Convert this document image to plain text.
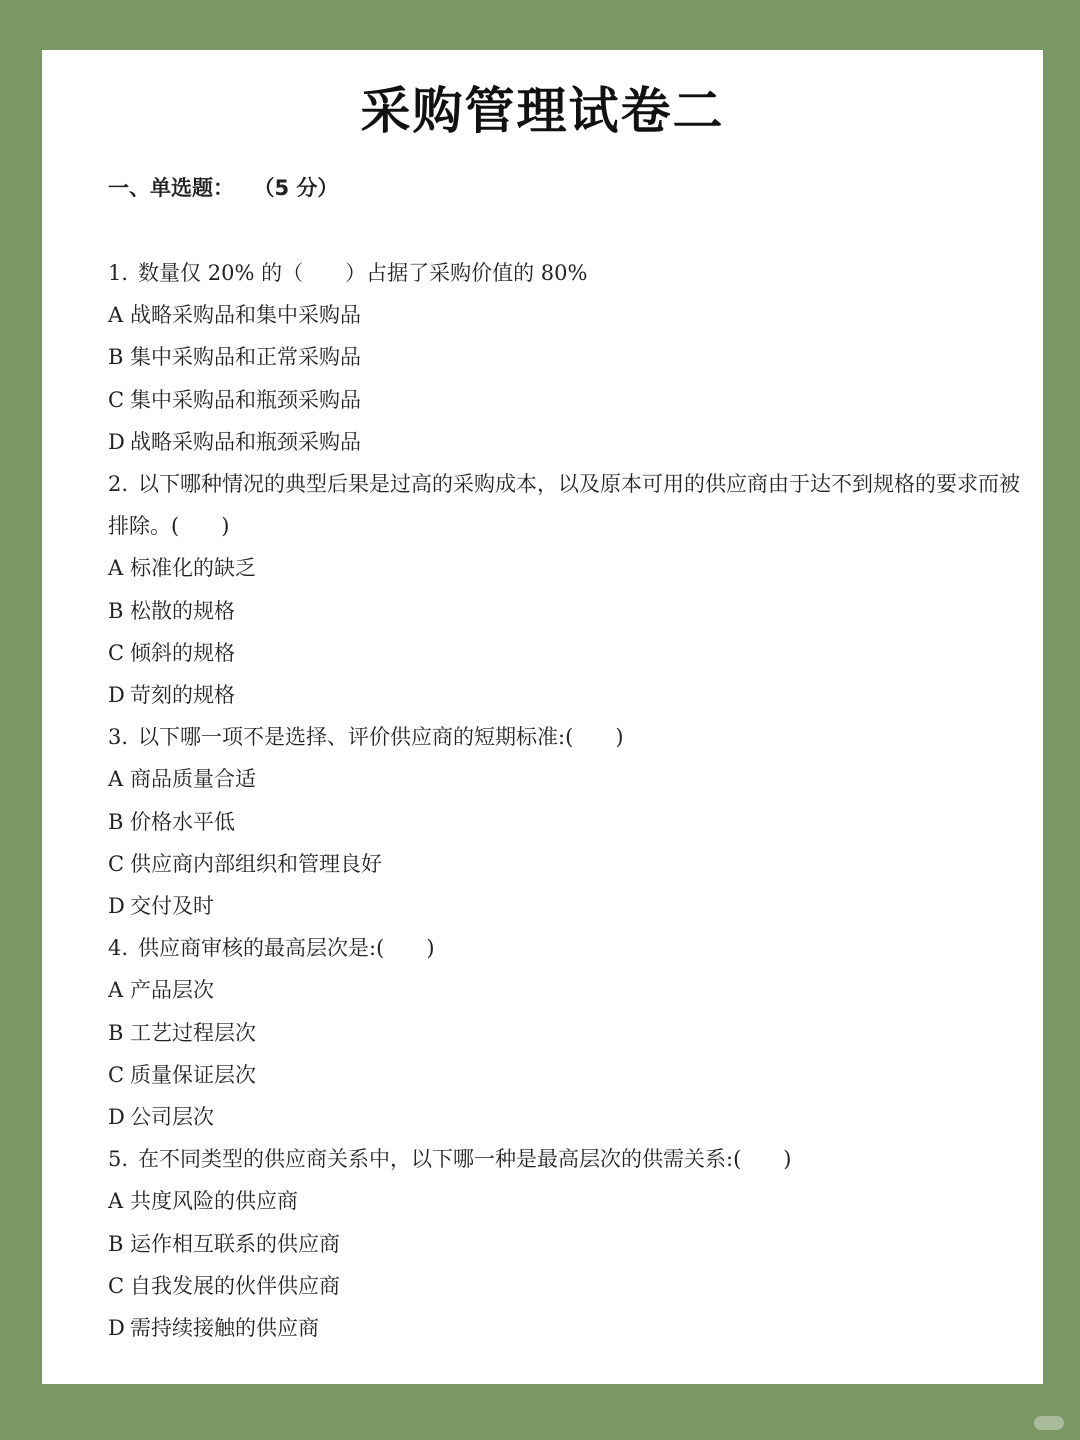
采购管理试卷二
一、单选题： （5 分）
1. 数量仅 20% 的（　　）占据了采购价值的 80%
A 战略采购品和集中采购品
B 集中采购品和正常采购品
C 集中采购品和瓶颈采购品
D 战略采购品和瓶颈采购品
2. 以下哪种情况的典型后果是过高的采购成本，以及原本可用的供应商由于达不到规格的要求而被排除。(　　)
A 标准化的缺乏
B 松散的规格
C 倾斜的规格
D 苛刻的规格
3. 以下哪一项不是选择、评价供应商的短期标准:(　　)
A 商品质量合适
B 价格水平低
C 供应商内部组织和管理良好
D 交付及时
4. 供应商审核的最高层次是:(　　)
A 产品层次
B 工艺过程层次
C 质量保证层次
D 公司层次
5. 在不同类型的供应商关系中，以下哪一种是最高层次的供需关系:(　　)
A 共度风险的供应商
B 运作相互联系的供应商
C 自我发展的伙伴供应商
D 需持续接触的供应商
